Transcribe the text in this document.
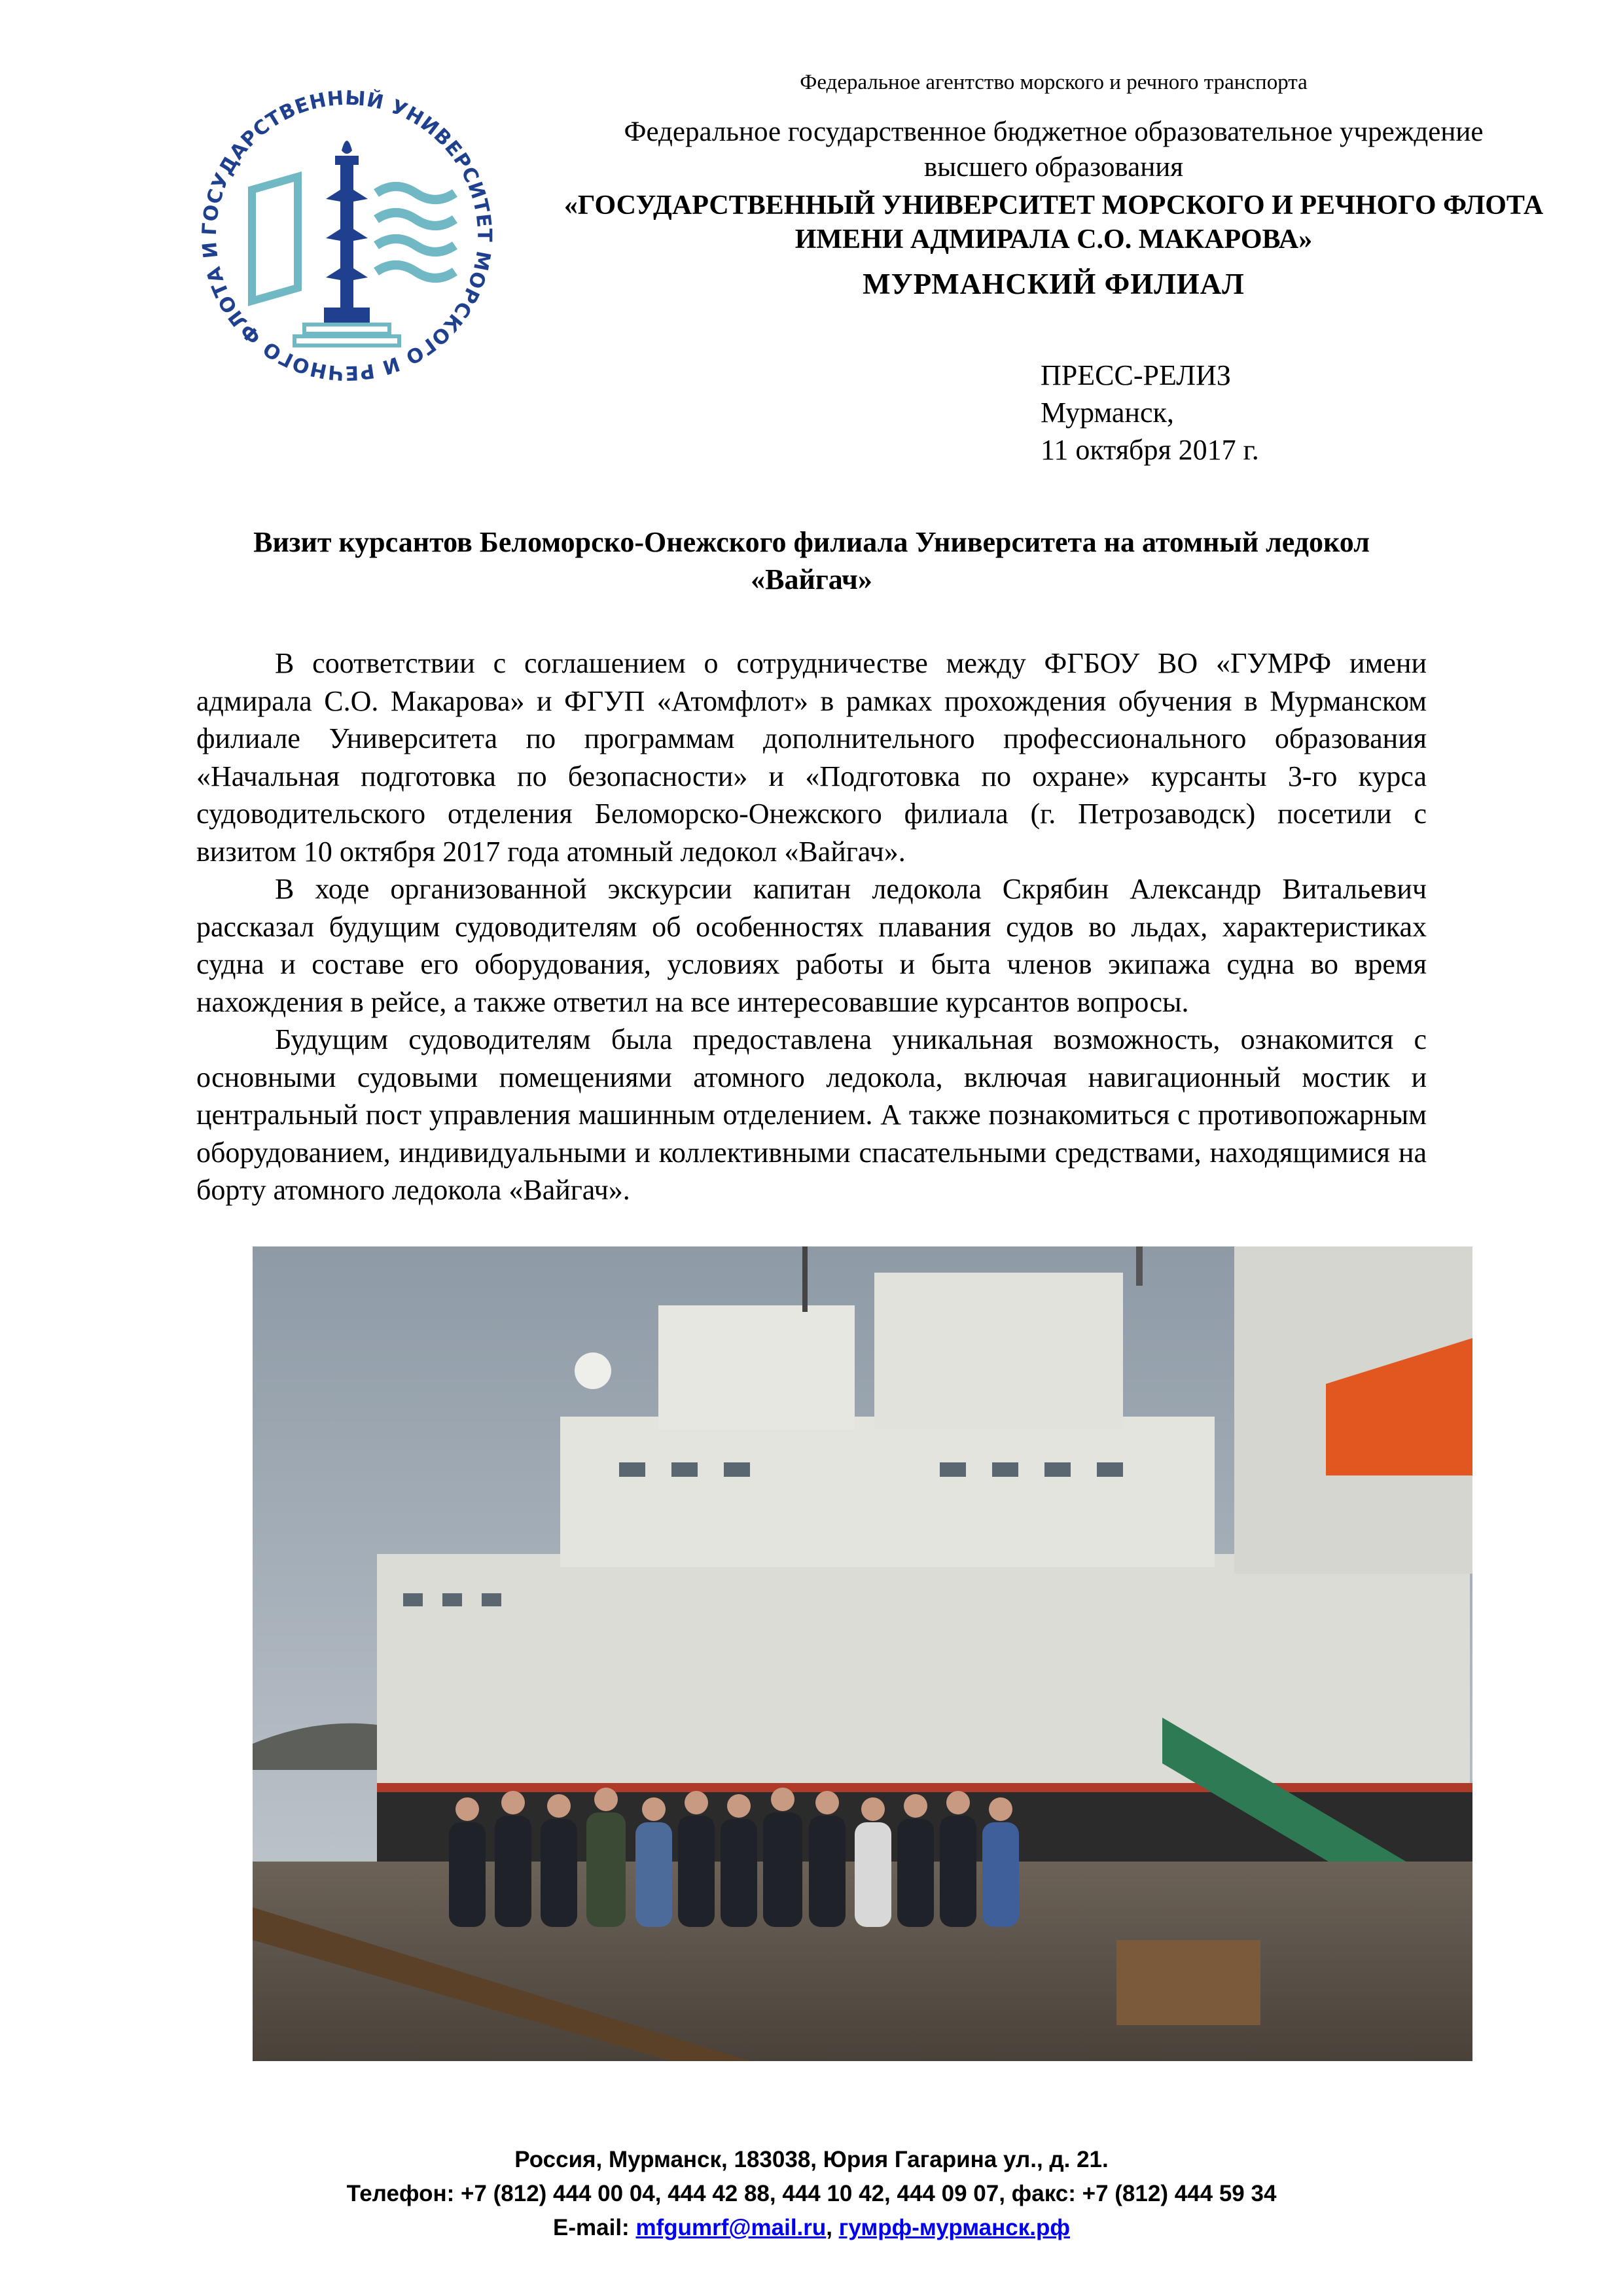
ГОСУДАРСТВЕННЫЙ УНИВЕРСИТЕТ МОРСКОГО И РЕЧНОГО ФЛОТА И
Федеральное агентство морского и речного транспорта
Федеральное государственное бюджетное образовательное учреждение
высшего образования
«ГОСУДАРСТВЕННЫЙ УНИВЕРСИТЕТ МОРСКОГО И РЕЧНОГО ФЛОТА
ИМЕНИ АДМИРАЛА С.О. МАКАРОВА»
МУРМАНСКИЙ ФИЛИАЛ
ПРЕСС-РЕЛИЗ
Мурманск,
11 октября 2017 г.
Визит курсантов Беломорско-Онежского филиала Университета на атомный ледокол
«Вайгач»

В соответствии с соглашением о сотрудничестве между ФГБОУ ВО «ГУМРФ имени адмирала С.О. Макарова» и ФГУП «Атомфлот» в рамках прохождения обучения в Мурманском филиале Университета по программам дополнительного профессионального образования «Начальная подготовка по безопасности» и «Подготовка по охране» курсанты 3-го курса судоводительского отделения Беломорско-Онежского филиала (г. Петрозаводск) посетили с визитом 10 октября 2017 года атомный ледокол «Вайгач».

В ходе организованной экскурсии капитан ледокола Скрябин Александр Витальевич рассказал будущим судоводителям об особенностях плавания судов во льдах, характеристиках судна и составе его оборудования, условиях работы и быта членов экипажа судна во время нахождения в рейсе, а также ответил на все интересовавшие курсантов вопросы.

Будущим судоводителям была предоставлена уникальная возможность, ознакомится с основными судовыми помещениями атомного ледокола, включая навигационный мостик и центральный пост управления машинным отделением. А также познакомиться с противопожарным оборудованием, индивидуальными и коллективными спасательными средствами, находящимися на борту атомного ледокола «Вайгач».

Россия, Мурманск, 183038, Юрия Гагарина ул., д. 21.
Телефон: +7 (812) 444 00 04, 444 42 88, 444 10 42, 444 09 07, факс: +7 (812) 444 59 34
E-mail: mfgumrf@mail.ru, гумрф-мурманск.рф
